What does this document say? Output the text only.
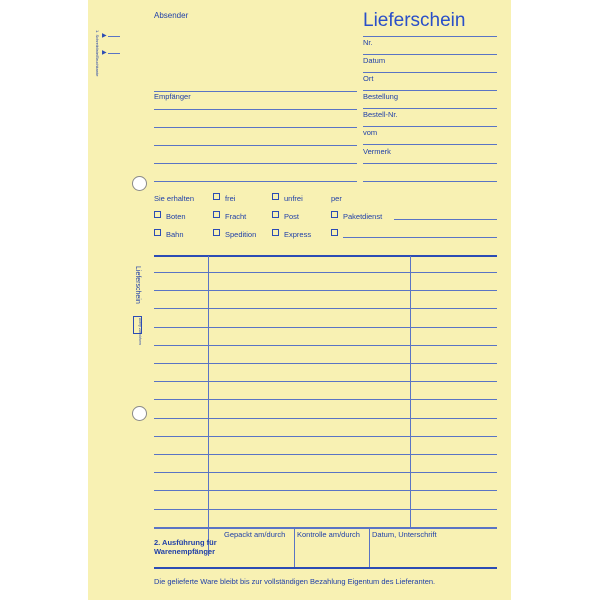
▶
▶
1. Schreiblinie/Bruchkante
Lieferschein
Avery Zweckform
Lieferschein
Absender
Empfänger
Nr.
Datum
Ort
Bestellung
Bestell-Nr.
vom
Vermerk
Sie erhalten	frei	unfrei	per
Boten	Fracht	Post	Paketdienst
Bahn	Spedition	Express
2. Ausführung für
Warenempfänger
Gepackt am/durch Kontrolle am/durch Datum, Unterschrift
Die gelieferte Ware bleibt bis zur vollständigen Bezahlung Eigentum des Lieferanten.
